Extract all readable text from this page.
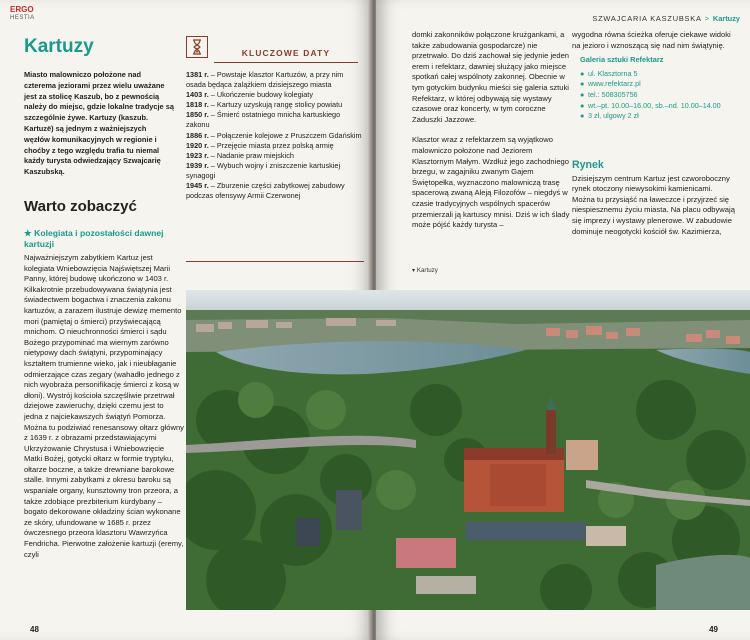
ERGO
HESTIA
Kartuzy
Miasto malowniczo położone nad czterema jeziorami przez wielu uważane jest za stolicę Kaszub, bo z pewnością należy do miejsc, gdzie lokalne tradycje są szczególnie żywe. Kartuzy (kaszub. Kartuzë) są jednym z ważniejszych węzłów komunikacyjnych w regionie i choćby z tego względu trafia tu niemal każdy turysta odwiedzający Szwajcarię Kaszubską.
Warto zobaczyć
★ Kolegiata i pozostałości dawnej kartuzji
Najważniejszym zabytkiem Kartuz jest kolegiata Wniebowzięcia Najświętszej Marii Panny, której budowę ukończono w 1403 r. Kilkakrotnie przebudowywana świątynia jest świadectwem bogactwa i znaczenia zakonu kartuzów, a zarazem ilustruje dewizę memento mori (pamiętaj o śmierci) przyświecającą mnichom. O nieuchronności śmierci i sądu Bożego przypominać ma wiernym zarówno nietypowy dach świątyni, przypominający kształtem trumienne wieko, jak i nieubłaganie odmierzające czas zegary (wahadło jednego z nich wyobraża personifikację śmierci z kosą w dłoni). Wystrój kościoła szczęśliwie przetrwał dziejowe zawieruchy, dzięki czemu jest to jedna z najciekawszych świątyń Pomorza. Można tu podziwiać renesansowy ołtarz główny z 1639 r. z obrazami przedstawiającymi Ukrzyżowanie Chrystusa i Wniebowzięcie Matki Bożej, gotycki ołtarz w formie tryptyku, ołtarze boczne, a także drewniane barokowe stalle. Innymi zabytkami z okresu baroku są wspaniałe organy, kunsztowny tron przeora, a także zdobiące prezbiterium kurdybany – bogato dekorowane okładziny ścian wykonane ze skóry, ufundowane w 1685 r. przez ówczesnego przeora klasztoru Wawrzyńca Fendricha. Pierwotne założenie kartuzji (eremy, czyli
KLUCZOWE DATY
1381 r. – Powstaje klasztor Kartuzów, a przy nim osada będąca zalążkiem dzisiejszego miasta
1403 r. – Ukończenie budowy kolegiaty
1818 r. – Kartuzy uzyskują rangę stolicy powiatu
1850 r. – Śmierć ostatniego mnicha kartuskiego zakonu
1886 r. – Połączenie kolejowe z Pruszczem Gdańskim
1920 r. – Przejęcie miasta przez polską armię
1923 r. – Nadanie praw miejskich
1939 r. – Wybuch wojny i zniszczenie kartuskiej synagogi
1945 r. – Zburzenie części zabytkowej zabudowy podczas ofensywy Armii Czerwonej
48
SZWAJCARIA KASZUBSKA > Kartuzy

domki zakonników połączone krużgankami, a także zabudowania gospodarcze) nie przetrwało. Do dziś zachował się jedynie jeden erem i refektarz, dawniej służący jako miejsce spotkań całej wspólnoty zakonnej. Obecnie w tym gotyckim budynku mieści się galeria sztuki Refektarz, w której odbywają się wystawy czasowe oraz koncerty, w tym coroczne Zaduszki Jazzowe.

Klasztor wraz z refektarzem są wyjątkowo malowniczo położone nad Jeziorem Klasztornym Małym. Wzdłuż jego zachodniego brzegu, w zagajniku zwanym Gajem Świętopełka, wyznaczono malowniczą trasę spacerową zwaną Aleją Filozofów – niegdyś w czasie tradycyjnych wspólnych spacerów przemierzali ją kartuscy mnisi. Dziś w ich ślady może pójść każdy turysta –

wygodna równa ścieżka oferuje ciekawe widoki na jezioro i wznoszącą się nad nim świątynię.

Galeria sztuki Refektarz
● ul. Klasztorna 5
● www.refektarz.pl
● tel.: 508305756
● wt.–pt. 10.00–16.00, sb.–nd. 10.00–14.00
● 3 zł, ulgowy 2 zł
Rynek

Dzisiejszym centrum Kartuz jest czworoboczny rynek otoczony niewysokimi kamienicami. Można tu przysiąść na ławeczce i przyjrzeć się niespiesznemu życiu miasta. Na placu odbywają się imprezy i wystawy plenerowe. W zabudowie dominuje neogotycki kościół św. Kazimierza,

▾ Kartuzy
49
